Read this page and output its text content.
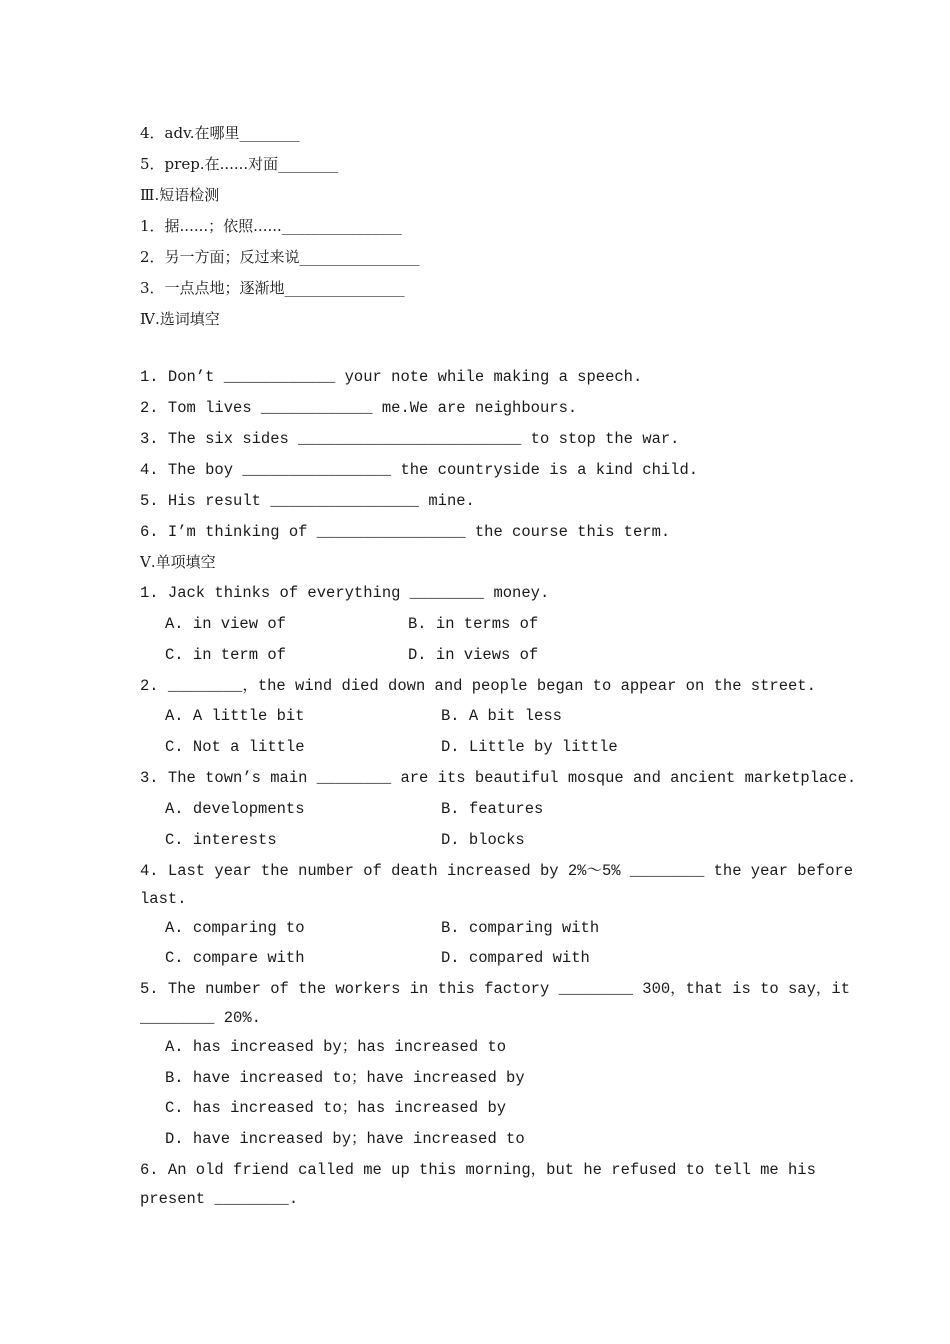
4．adv.在哪里________

5．prep.在......对面________

Ⅲ.短语检测

1．据......；依照......________________

2．另一方面；反过来说________________

3．一点点地；逐渐地________________

Ⅳ.选词填空

1. Don’t ____________ your note while making a speech.

2. Tom lives ____________ me.We are neighbours.

3. The six sides ________________________ to stop the war.

4. The boy ________________ the countryside is a kind child.

5. His result ________________ mine.

6. I’m thinking of ________________ the course this term.

Ⅴ.单项填空

1. Jack thinks of everything ________ money.

A. in view of	B. in terms of
C. in term of	D. in views of

2. ________，the wind died down and people began to appear on the street.

A. A little bit	B. A bit less
C. Not a little	D. Little by little

3. The town’s main ________ are its beautiful mosque and ancient marketplace.

A. developments	B. features
C. interests	D. blocks

4. Last year the number of death increased by 2%～5% ________ the year before

last.

A. comparing to	B. comparing with
C. compare with	D. compared with

5. The number of the workers in this factory ________ 300，that is to say，it

________ 20%.

A. has increased by；has increased to
B. have increased to；have increased by
C. has increased to；has increased by
D. have increased by；have increased to

6. An old friend called me up this morning，but he refused to tell me his

present ________.
